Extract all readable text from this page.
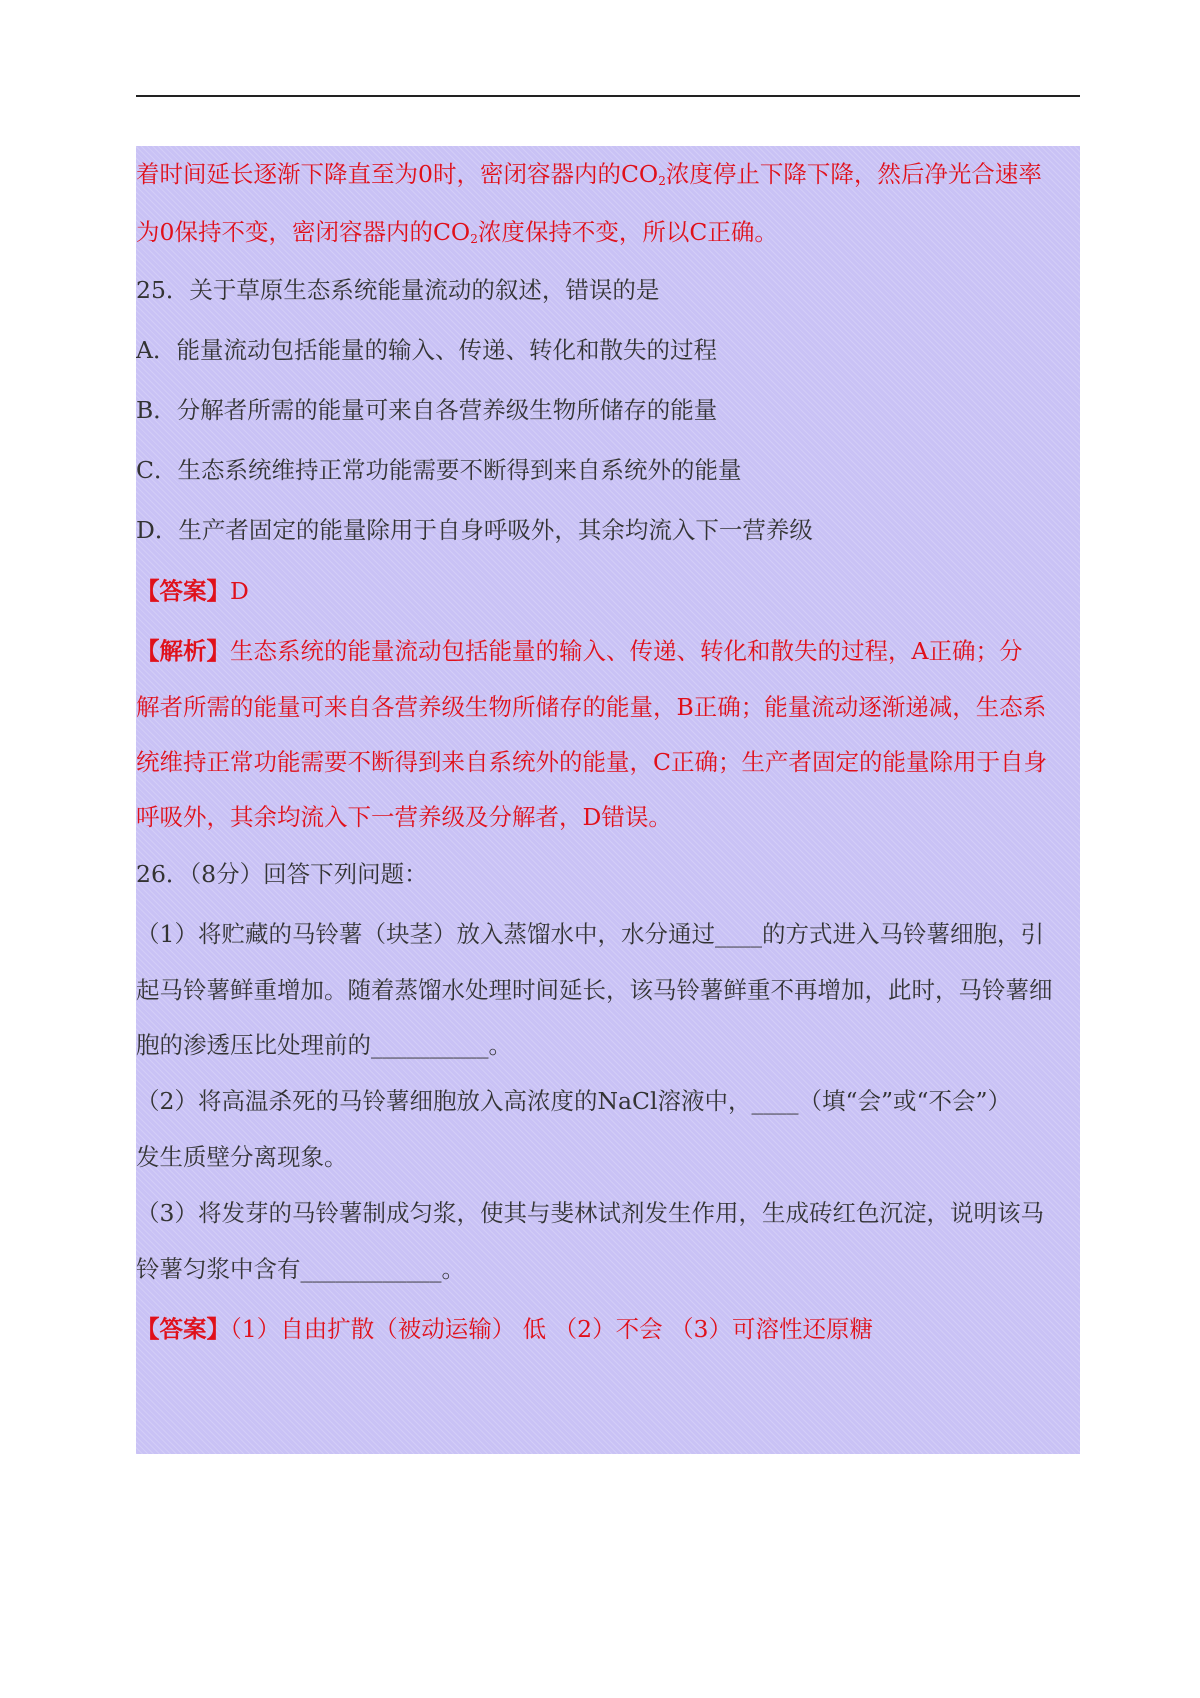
着时间延长逐渐下降直至为0时，密闭容器内的$CO_2$浓度停止下降下降，然后净光合速率
为0保持不变，密闭容器内的$CO_2$浓度保持不变，所以C正确。
25．关于草原生态系统能量流动的叙述，错误的是
A．能量流动包括能量的输入、传递、转化和散失的过程
B．分解者所需的能量可来自各营养级生物所储存的能量
C．生态系统维持正常功能需要不断得到来自系统外的能量
D．生产者固定的能量除用于自身呼吸外，其余均流入下一营养级
【答案】D
【解析】生态系统的能量流动包括能量的输入、传递、转化和散失的过程，A正确；分
解者所需的能量可来自各营养级生物所储存的能量，B正确；能量流动逐渐递减，生态系
统维持正常功能需要不断得到来自系统外的能量，C正确；生产者固定的能量除用于自身
呼吸外，其余均流入下一营养级及分解者，D错误。
26．（8分）回答下列问题：
（1）将贮藏的马铃薯（块茎）放入蒸馏水中，水分通过____的方式进入马铃薯细胞，引
起马铃薯鲜重增加。随着蒸馏水处理时间延长，该马铃薯鲜重不再增加，此时，马铃薯细
胞的渗透压比处理前的__________。
（2）将高温杀死的马铃薯细胞放入高浓度的NaCl溶液中，____（填“会”或“不会”）
发生质壁分离现象。
（3）将发芽的马铃薯制成匀浆，使其与斐林试剂发生作用，生成砖红色沉淀，说明该马
铃薯匀浆中含有____________。
【答案】（1）自由扩散（被动运输） 低 （2）不会 （3）可溶性还原糖
